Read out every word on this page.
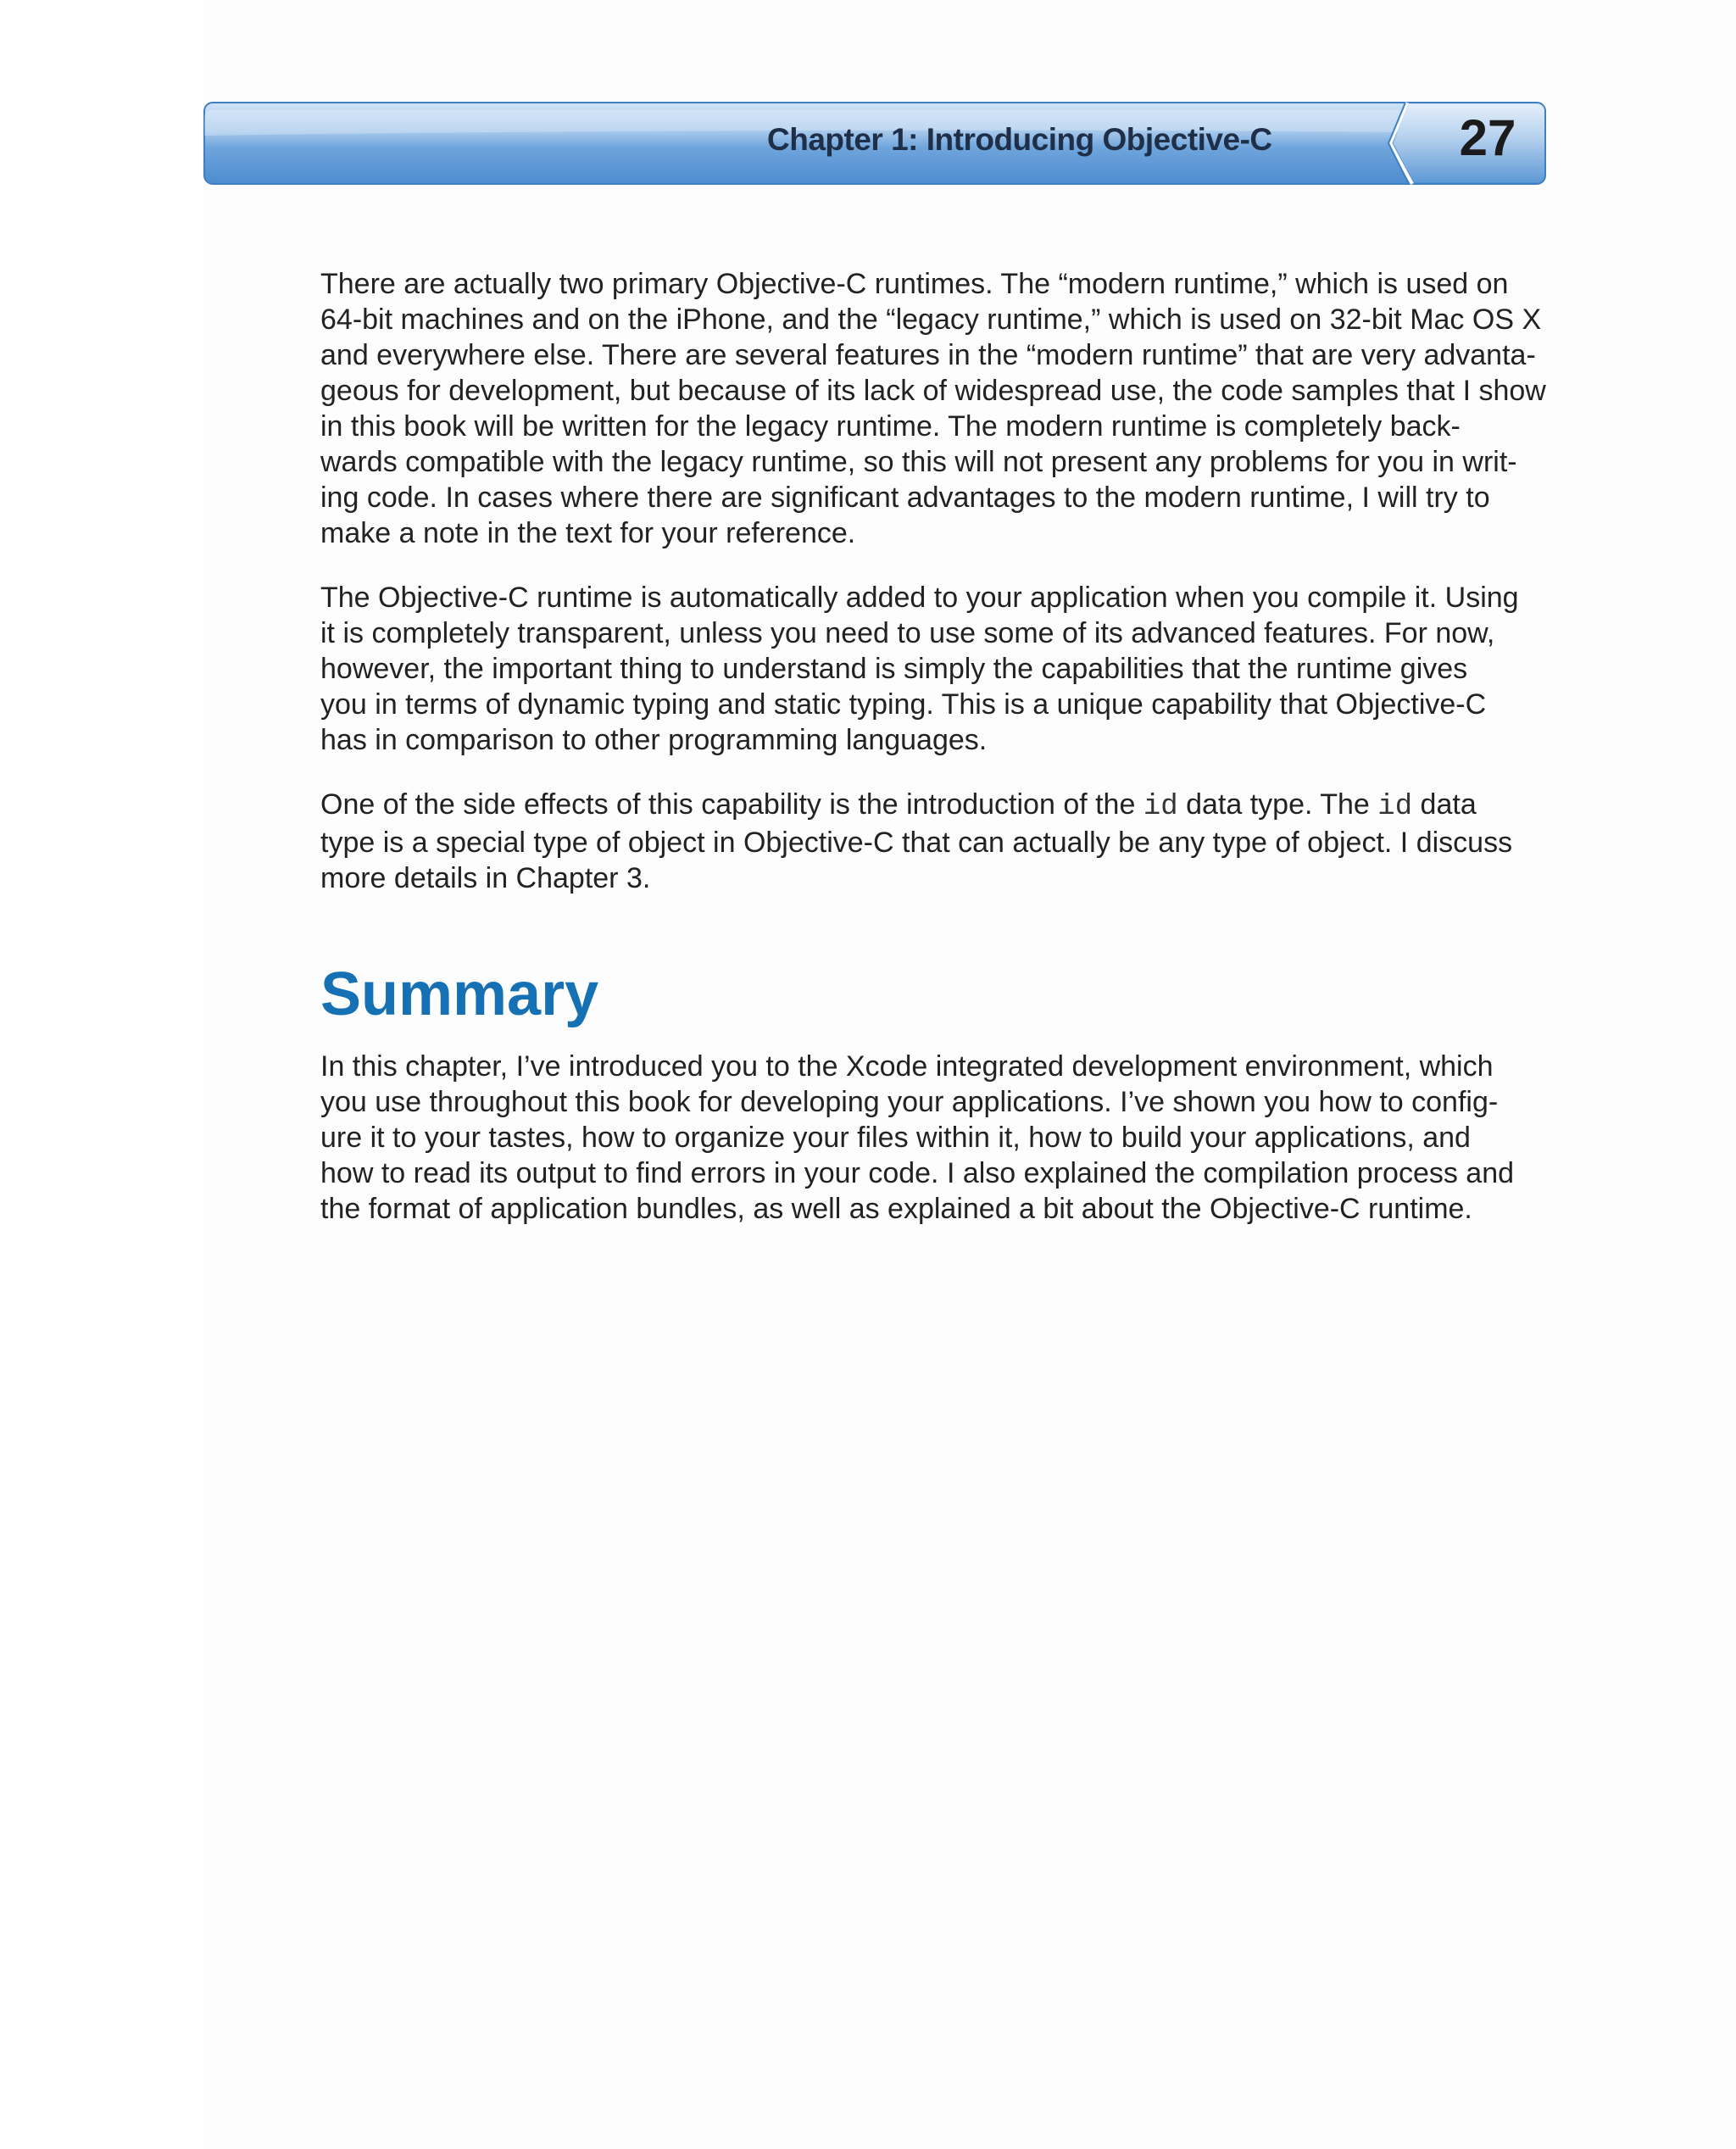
Chapter 1: Introducing Objective-C	27

There are actually two primary Objective-C runtimes. The “modern runtime,” which is used on
64-bit machines and on the iPhone, and the “legacy runtime,” which is used on 32-bit Mac OS X
and everywhere else. There are several features in the “modern runtime” that are very advanta-
geous for development, but because of its lack of widespread use, the code samples that I show
in this book will be written for the legacy runtime. The modern runtime is completely back-
wards compatible with the legacy runtime, so this will not present any problems for you in writ-
ing code. In cases where there are significant advantages to the modern runtime, I will try to
make a note in the text for your reference.

The Objective-C runtime is automatically added to your application when you compile it. Using
it is completely transparent, unless you need to use some of its advanced features. For now,
however, the important thing to understand is simply the capabilities that the runtime gives
you in terms of dynamic typing and static typing. This is a unique capability that Objective-C
has in comparison to other programming languages.

One of the side effects of this capability is the introduction of the id data type. The id data
type is a special type of object in Objective-C that can actually be any type of object. I discuss
more details in Chapter 3.

Summary

In this chapter, I’ve introduced you to the Xcode integrated development environment, which
you use throughout this book for developing your applications. I’ve shown you how to config-
ure it to your tastes, how to organize your files within it, how to build your applications, and
how to read its output to find errors in your code. I also explained the compilation process and
the format of application bundles, as well as explained a bit about the Objective-C runtime.
